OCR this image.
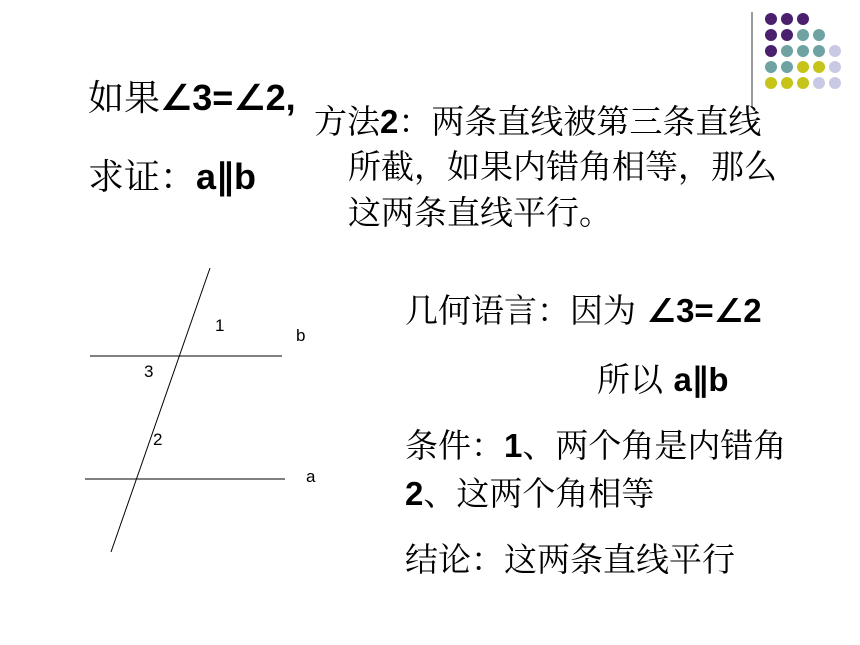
1
3
2
b
a
如果∠3=∠2,
求证：a∥b
方法2：两条直线被第三条直线
所截，如果内错角相等，那么
这两条直线平行。
几何语言：因为 ∠3=∠2
所以 a∥b
条件：1、两个角是内错角
2、这两个角相等
结论：这两条直线平行
